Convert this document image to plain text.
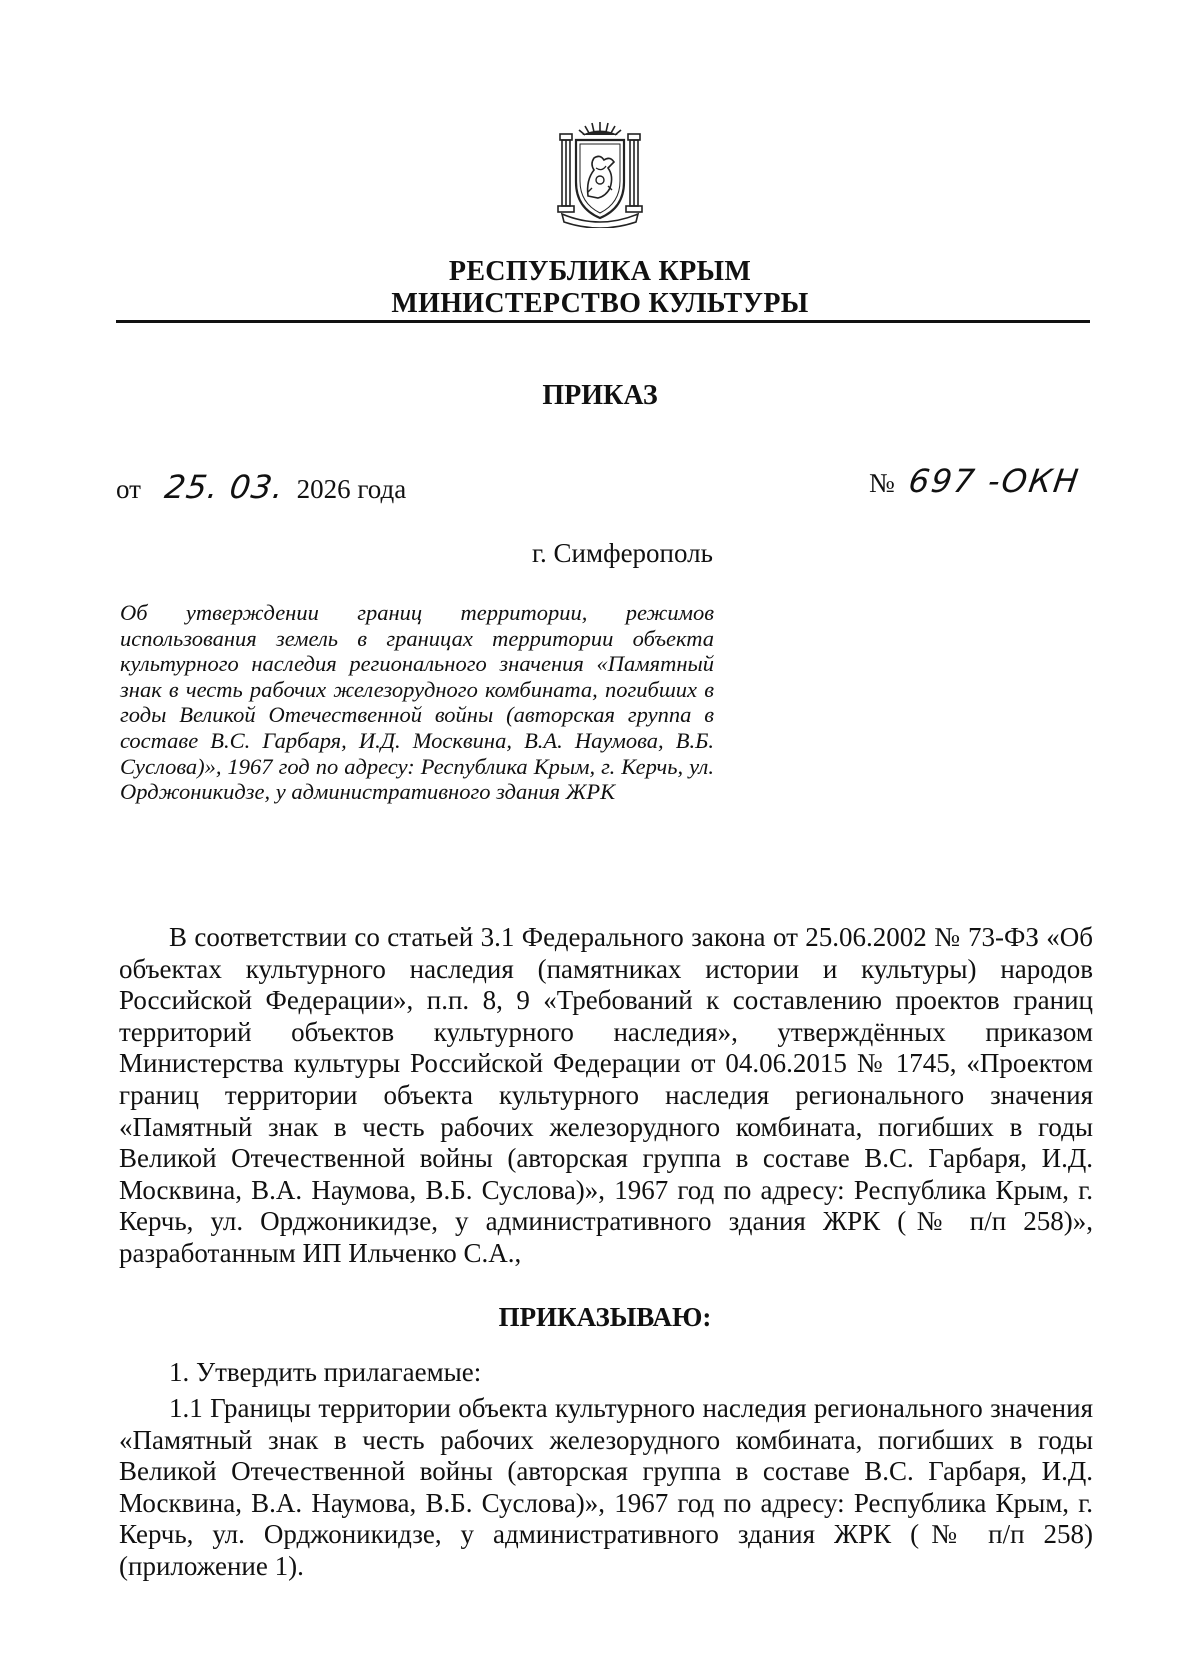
РЕСПУБЛИКА КРЫМ
МИНИСТЕРСТВО КУЛЬТУРЫ
ПРИКАЗ
от 25. 03. 2026 года	№ 697 -ОКН
г. Симферополь
Об утверждении границ территории, режимов использования земель в границах территории объекта культурного наследия регионального значения «Памятный знак в честь рабочих железорудного комбината, погибших в годы Великой Отечественной войны (авторская группа в составе В.С. Гарбаря, И.Д. Москвина, В.А. Наумова, В.Б. Суслова)», 1967 год по адресу: Республика Крым, г. Керчь, ул. Орджоникидзе, у административного здания ЖРК
В соответствии со статьей 3.1 Федерального закона от 25.06.2002 № 73-ФЗ «Об объектах культурного наследия (памятниках истории и культуры) народов Российской Федерации», п.п. 8, 9 «Требований к составлению проектов границ территорий объектов культурного наследия», утверждённых приказом Министерства культуры Российской Федерации от 04.06.2015 № 1745, «Проектом границ территории объекта культурного наследия регионального значения «Памятный знак в честь рабочих железорудного комбината, погибших в годы Великой Отечественной войны (авторская группа в составе В.С. Гарбаря, И.Д. Москвина, В.А. Наумова, В.Б. Суслова)», 1967 год по адресу: Республика Крым, г. Керчь, ул. Орджоникидзе, у административного здания ЖРК (№ п/п 258)», разработанным ИП Ильченко С.А.,
ПРИКАЗЫВАЮ:
1. Утвердить прилагаемые:
1.1 Границы территории объекта культурного наследия регионального значения «Памятный знак в честь рабочих железорудного комбината, погибших в годы Великой Отечественной войны (авторская группа в составе В.С. Гарбаря, И.Д. Москвина, В.А. Наумова, В.Б. Суслова)», 1967 год по адресу: Республика Крым, г. Керчь, ул. Орджоникидзе, у административного здания ЖРК (№ п/п 258) (приложение 1).
